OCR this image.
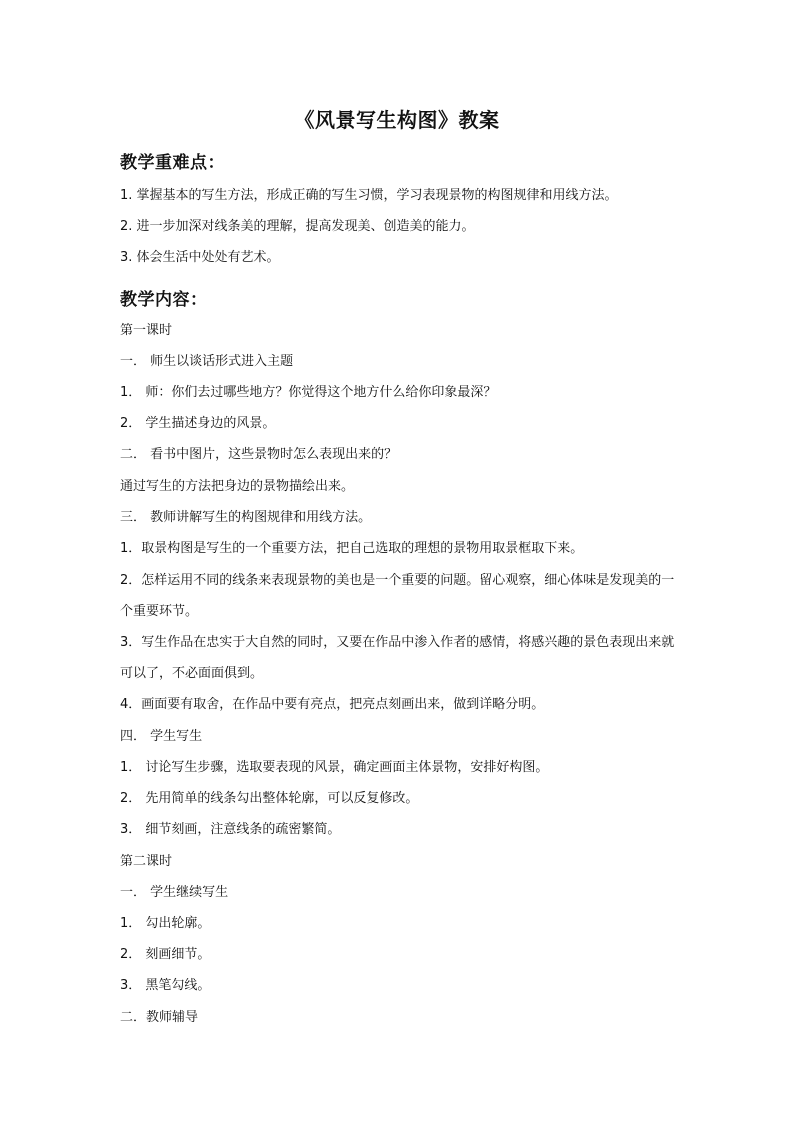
《风景写生构图》教案
教学重难点：
1. 掌握基本的写生方法，形成正确的写生习惯，学习表现景物的构图规律和用线方法。
2. 进一步加深对线条美的理解，提高发现美、创造美的能力。
3. 体会生活中处处有艺术。
教学内容：
第一课时
一． 师生以谈话形式进入主题
1． 师：你们去过哪些地方？你觉得这个地方什么给你印象最深？
2． 学生描述身边的风景。
二． 看书中图片，这些景物时怎么表现出来的？
通过写生的方法把身边的景物描绘出来。
三． 教师讲解写生的构图规律和用线方法。
1．取景构图是写生的一个重要方法，把自己选取的理想的景物用取景框取下来。
2．怎样运用不同的线条来表现景物的美也是一个重要的问题。留心观察，细心体味是发现美的一个重要环节。
3．写生作品在忠实于大自然的同时，又要在作品中渗入作者的感情，将感兴趣的景色表现出来就可以了，不必面面俱到。
4．画面要有取舍，在作品中要有亮点，把亮点刻画出来，做到详略分明。
四． 学生写生
1． 讨论写生步骤，选取要表现的风景，确定画面主体景物，安排好构图。
2． 先用简单的线条勾出整体轮廓，可以反复修改。
3． 细节刻画，注意线条的疏密繁简。
第二课时
一． 学生继续写生
1． 勾出轮廓。
2． 刻画细节。
3． 黑笔勾线。
二．教师辅导
